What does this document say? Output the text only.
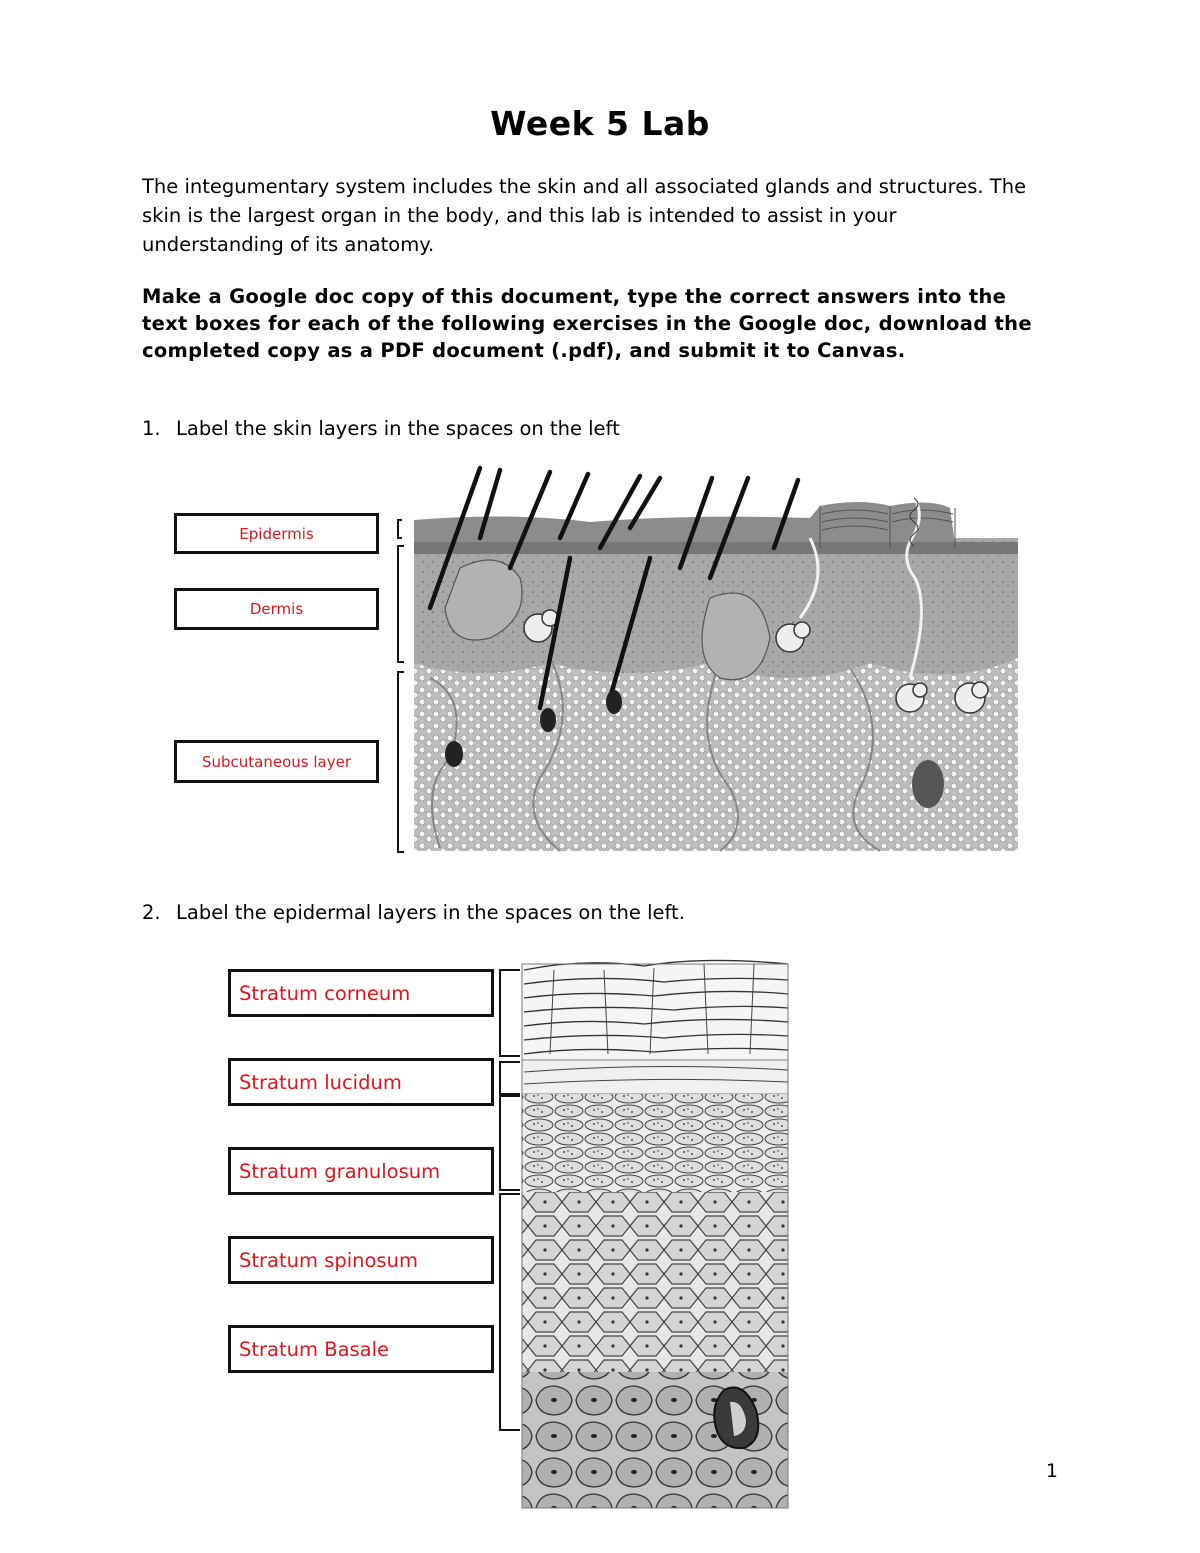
Week 5 Lab
The integumentary system includes the skin and all associated glands and structures. The skin is the largest organ in the body, and this lab is intended to assist in your understanding of its anatomy.
Make a Google doc copy of this document, type the correct answers into the text boxes for each of the following exercises in the Google doc, download the completed copy as a PDF document (.pdf), and submit it to Canvas.
1. Label the skin layers in the spaces on the left
Epidermis
Dermis
Subcutaneous layer
2. Label the epidermal layers in the spaces on the left.
Stratum corneum
Stratum lucidum
Stratum granulosum
Stratum spinosum
Stratum Basale
1
